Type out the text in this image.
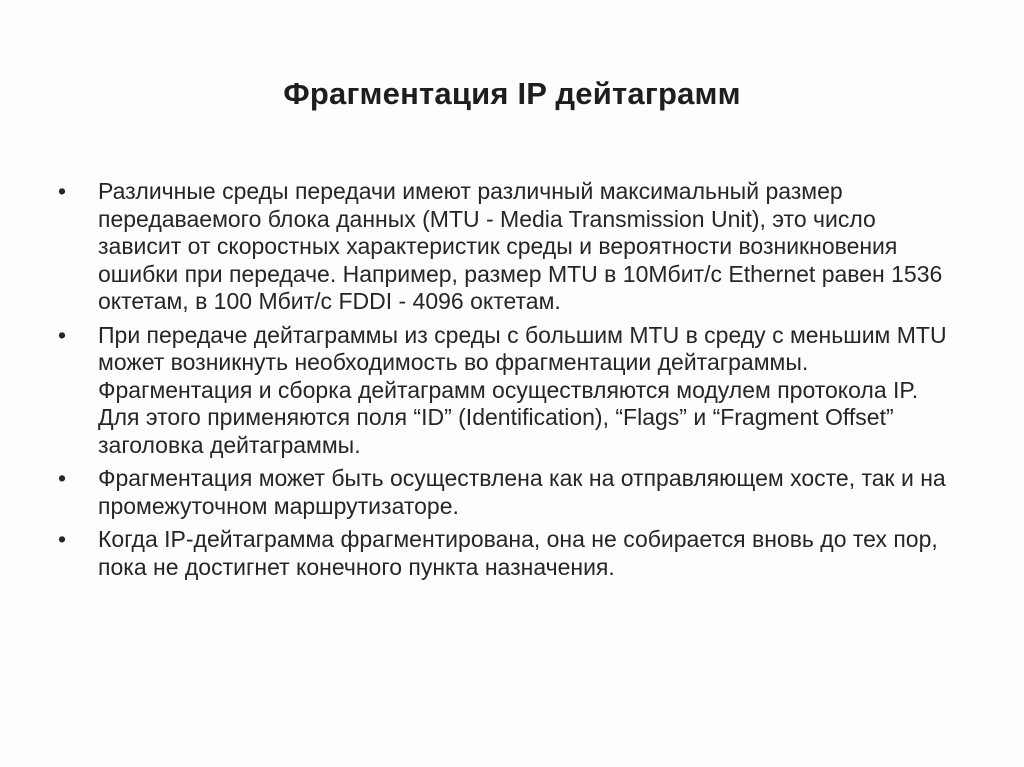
Фрагментация IP дейтаграмм
•	Различные среды передачи имеют различный максимальный размер передаваемого блока данных (MTU - Media Transmission Unit), это число зависит от скоростных характеристик среды и вероятности возникновения ошибки при передаче. Например, размер MTU в 10Мбит/с Ethernet равен 1536 октетам, в 100 Мбит/с FDDI - 4096 октетам.
•	При передаче дейтаграммы из среды с большим MTU в среду с меньшим MTU может возникнуть необходимость во фрагментации дейтаграммы. Фрагментация и сборка дейтаграмм осуществляются модулем протокола IP. Для этого применяются поля “ID” (Identification), “Flags” и “Fragment Offset” заголовка дейтаграммы.
•	Фрагментация может быть осуществлена как на отправляющем хосте, так и на промежуточном маршрутизаторе.
•	Когда IP-дейтаграмма фрагментирована, она не собирается вновь до тех пор, пока не достигнет конечного пункта назначения.
